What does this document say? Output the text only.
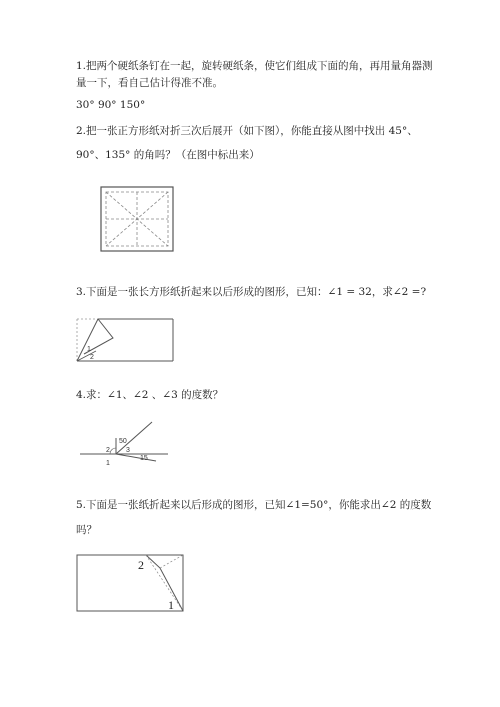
1.把两个硬纸条钉在一起，旋转硬纸条，使它们组成下面的角，再用量角器测
量一下，看自己估计得准不准。
30° 90° 150°
2.把一张正方形纸对折三次后展开（如下图），你能直接从图中找出 45°、
90°、135° 的角吗？（在图中标出来）
3.下面是一张长方形纸折起来以后形成的图形，已知：∠1 = 32，求∠2 =?
1
2
4.求：∠1、∠2 、∠3 的度数？
50
15
2 3
1
5.下面是一张纸折起来以后形成的图形，已知∠1=50°，你能求出∠2 的度数
吗？
2
1
